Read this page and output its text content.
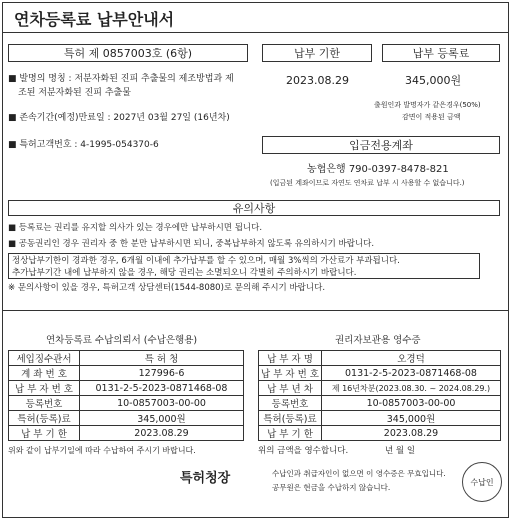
연차등록료 납부안내서
특허 제 0857003호 (6항)	납부 기한	납부 등록료
■ 발명의 명칭 : 저분자화된 진피 추출물의 제조방법과 제
조된 저분자화된 진피 추출물
■ 존속기간(예정)만료일 : 2027년 03월 27일 (16년차)
■ 특허고객번호 : 4-1995-054370-6
2023.08.29	345,000원
출원인과 발명자가 같은경우(50%)
감면이 적용된 금액
입금전용계좌
농협은행 790-0397-8478-821
(입금된 계좌이므로 자연도 연차료 납부 시 사용할 수 없습니다.)
유의사항
■ 등록료는 권리를 유지할 의사가 있는 경우에만 납부하시면 됩니다.
■ 공동권리인 경우 권리자 중 한 분만 납부하시면 되니, 중복납부하지 않도록 유의하시기 바랍니다.
정상납부기한이 경과한 경우, 6개월 이내에 추가납부를 할 수 있으며, 매월 3%씩의 가산료가 부과됩니다.
추가납부기간 내에 납부하지 않을 경우, 해당 권리는 소멸되오니 각별히 주의하시기 바랍니다.
※ 문의사항이 있을 경우, 특허고객 상담센터(1544-8080)로 문의해 주시기 바랍니다.
연차등록료 수납의뢰서 (수납은행용)
세입징수관서	특 허 청
계 좌 번 호	127996-6
납 부 자 번 호	0131-2-5-2023-0871468-08
등록번호	10-0857003-00-00
특허(등록)료	345,000원
납 부 기 한	2023.08.29
위와 같이 납부기일에 따라 수납하여 주시기 바랍니다.
권리자보관용 영수증
납 부 자 명	오경덕
납 부 자 번 호	0131-2-5-2023-0871468-08
납 부 년 차	제 16년차분(2023.08.30. ~ 2024.08.29.)
등록번호	10-0857003-00-00
특허(등록)료	345,000원
납 부 기 한	2023.08.29
위의 금액을 영수합니다.	년 월 일
특허청장	수납인과 취급자인이 없으면 이 영수증은 무효입니다.
공무원은 현금을 수납하지 않습니다.
수납인
